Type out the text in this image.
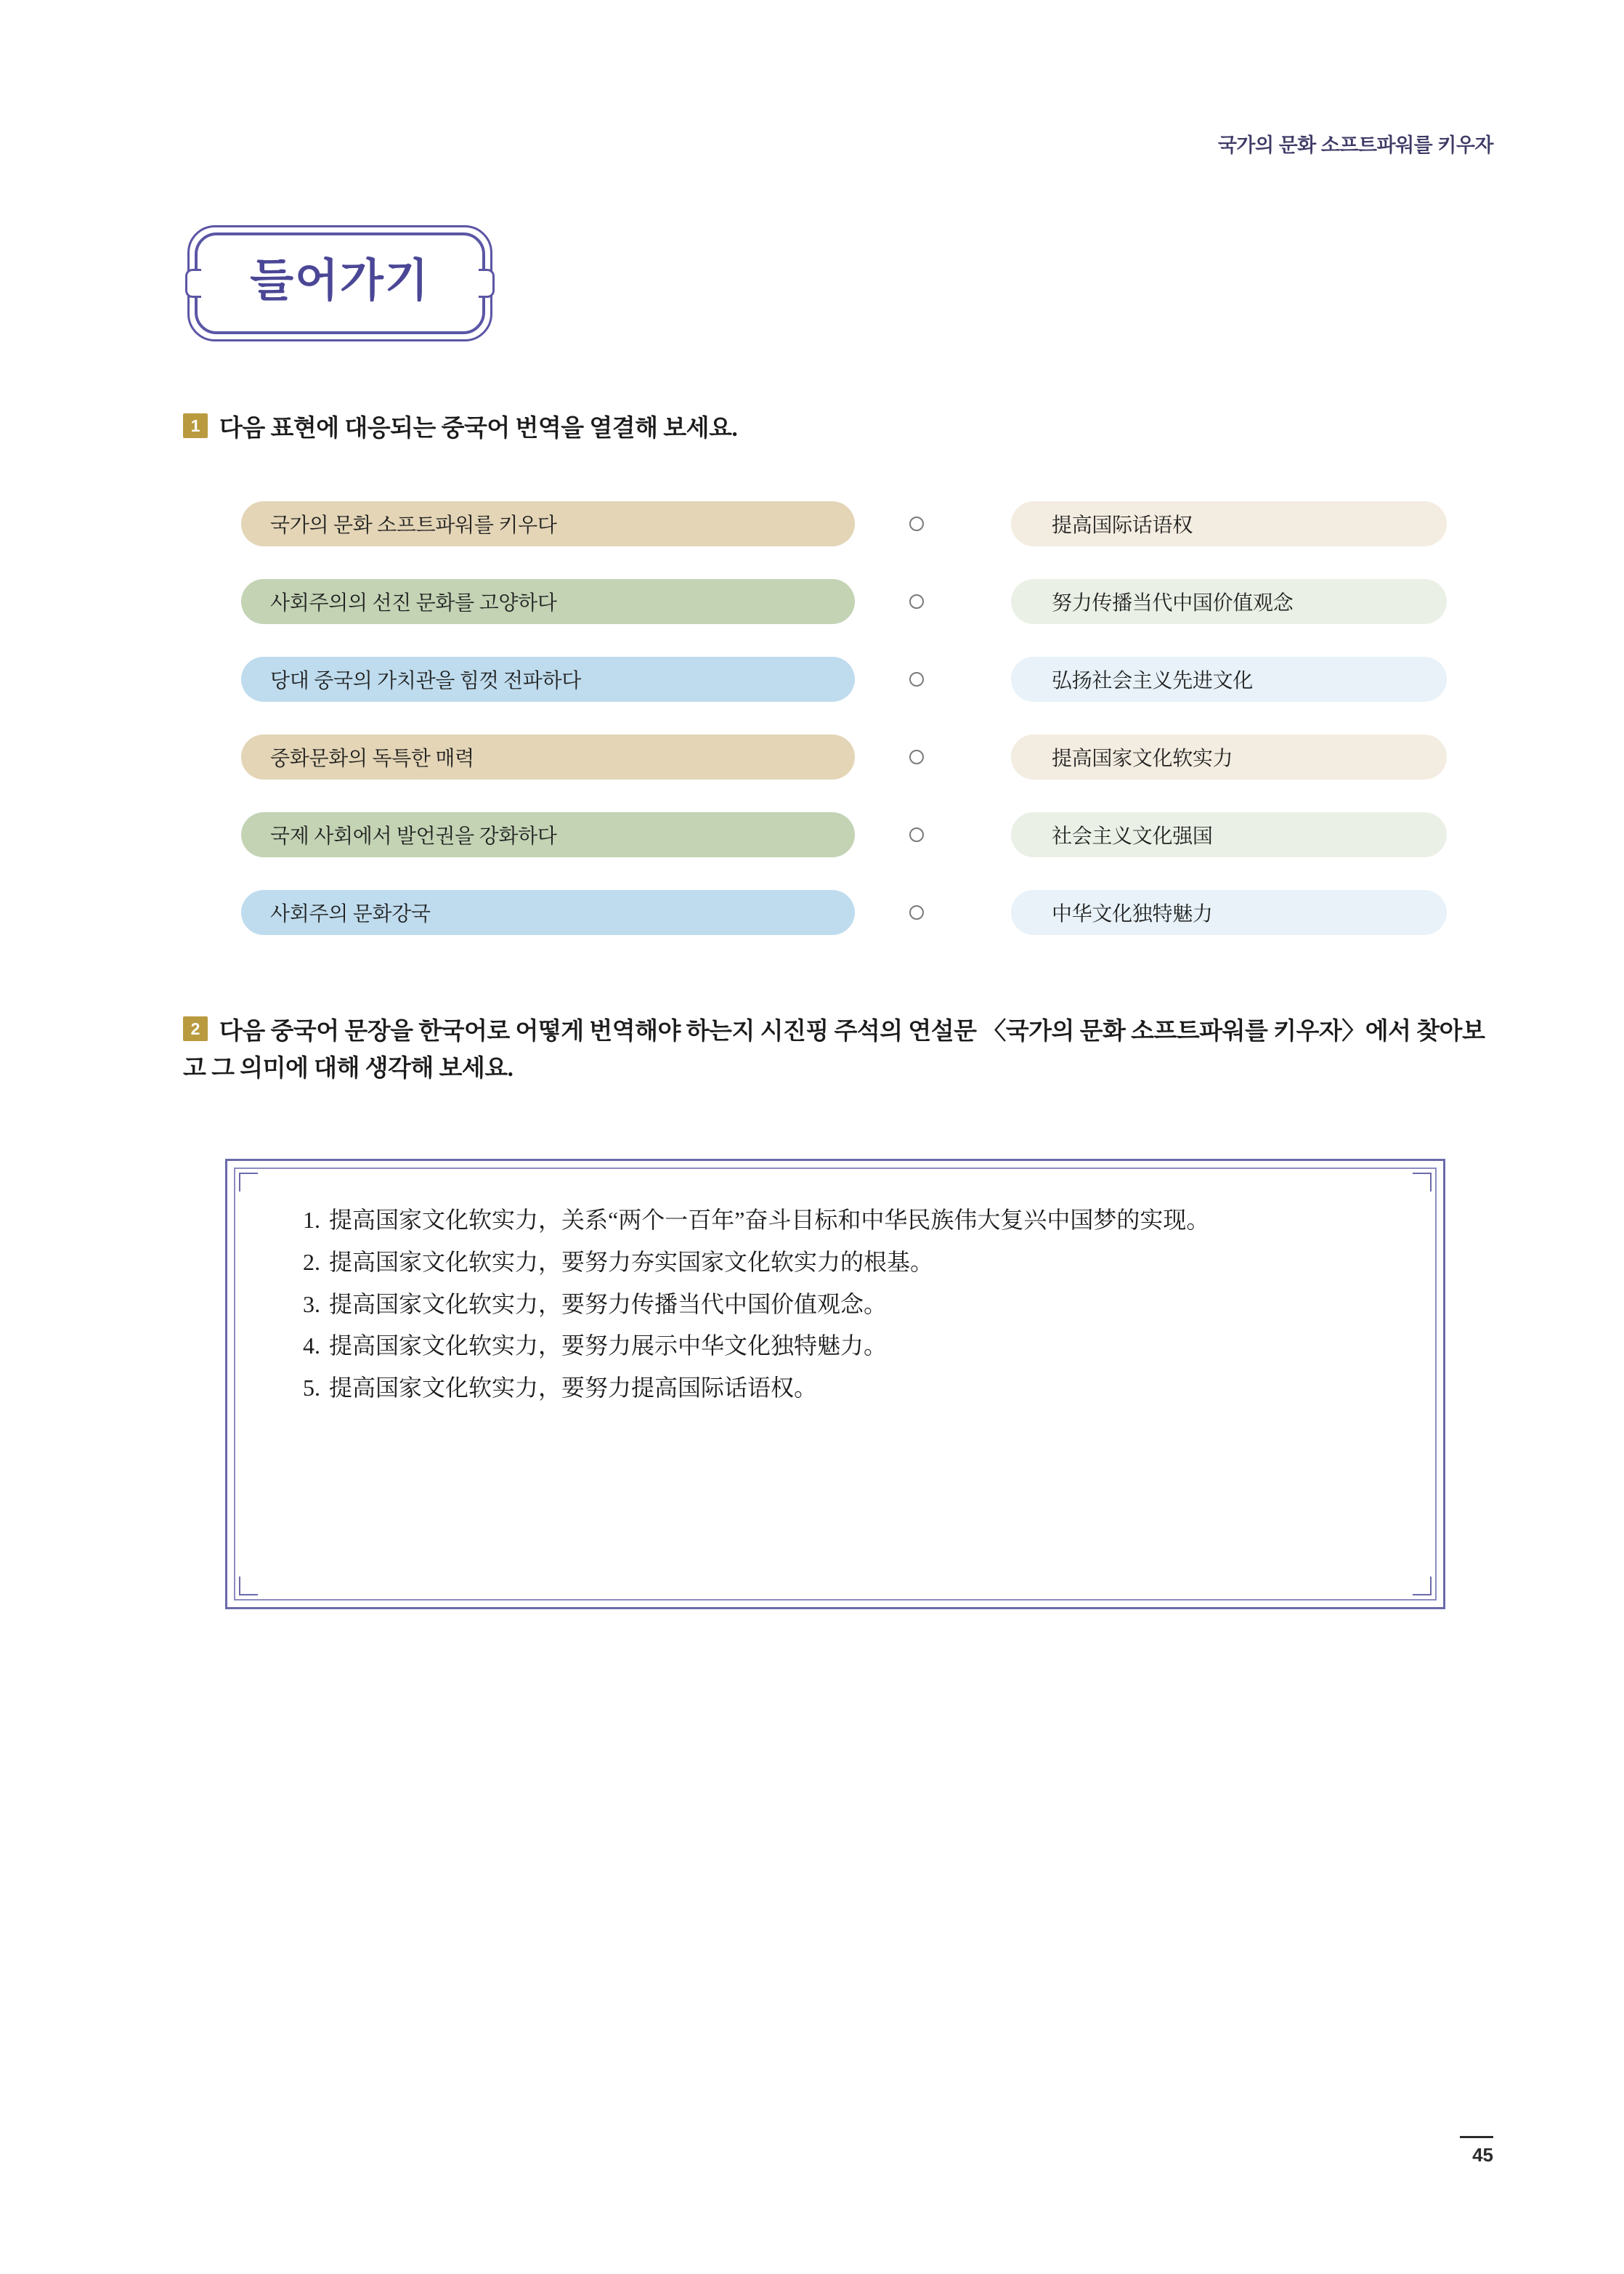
국가의 문화 소프트파워를 키우자
들어가기
1 다음 표현에 대응되는 중국어 번역을 열결해 보세요.
국가의 문화 소프트파워를 키우다	提高国际话语权
사회주의의 선진 문화를 고양하다	努力传播当代中国价值观念
당대 중국의 가치관을 힘껏 전파하다	弘扬社会主义先进文化
중화문화의 독특한 매력	提高国家文化软实力
국제 사회에서 발언권을 강화하다	社会主义文化强国
사회주의 문화강국	中华文化独特魅力
2 다음 중국어 문장을 한국어로 어떻게 번역해야 하는지 시진핑 주석의 연설문 〈국가의 문화 소프트파워를 키우자〉에서 찾아보고 그 의미에 대해 생각해 보세요.
1. 提高国家文化软实力，关系“两个一百年”奋斗目标和中华民族伟大复兴中国梦的实现。
2. 提高国家文化软实力，要努力夯实国家文化软实力的根基。
3. 提高国家文化软实力，要努力传播当代中国价值观念。
4. 提高国家文化软实力，要努力展示中华文化独特魅力。
5. 提高国家文化软实力，要努力提高国际话语权。
45
